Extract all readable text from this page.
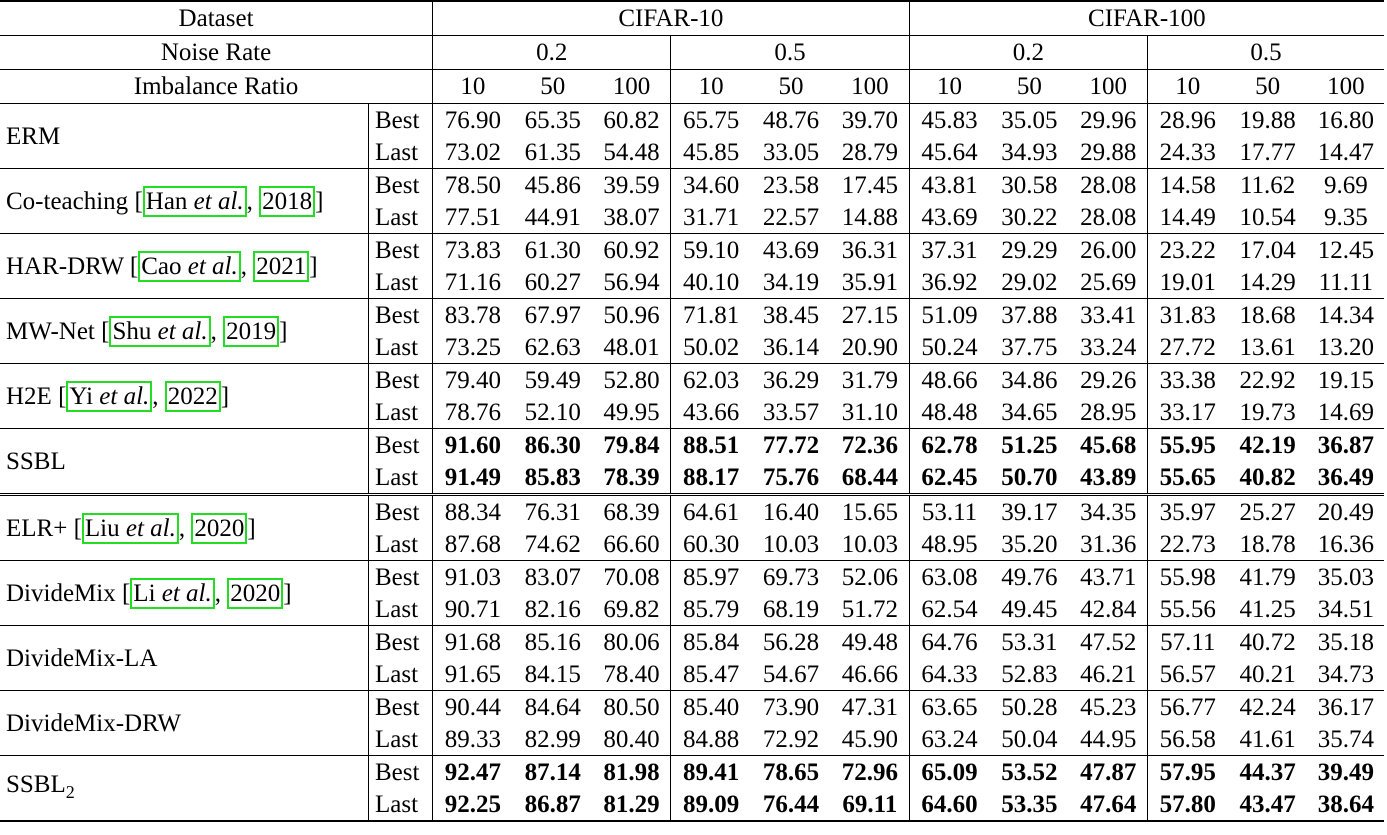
Dataset		CIFAR-10						CIFAR-100					
Noise Rate		0.2			0.5			0.2			0.5		
Imbalance Ratio		10	50	100	10	50	100	10	50	100	10	50	100
ERM	Best	76.90	65.35	60.82	65.75	48.76	39.70	45.83	35.05	29.96	28.96	19.88	16.80
	Last	73.02	61.35	54.48	45.85	33.05	28.79	45.64	34.93	29.88	24.33	17.77	14.47
Co-teaching [ Han et al. , 2018 ]	Best	78.50	45.86	39.59	34.60	23.58	17.45	43.81	30.58	28.08	14.58	11.62	9.69
	Last	77.51	44.91	38.07	31.71	22.57	14.88	43.69	30.22	28.08	14.49	10.54	9.35
HAR-DRW [ Cao et al. , 2021 ]	Best	73.83	61.30	60.92	59.10	43.69	36.31	37.31	29.29	26.00	23.22	17.04	12.45
	Last	71.16	60.27	56.94	40.10	34.19	35.91	36.92	29.02	25.69	19.01	14.29	11.11
MW-Net [ Shu et al. , 2019 ]	Best	83.78	67.97	50.96	71.81	38.45	27.15	51.09	37.88	33.41	31.83	18.68	14.34
	Last	73.25	62.63	48.01	50.02	36.14	20.90	50.24	37.75	33.24	27.72	13.61	13.20
H2E [ Yi et al. , 2022 ]	Best	79.40	59.49	52.80	62.03	36.29	31.79	48.66	34.86	29.26	33.38	22.92	19.15
	Last	78.76	52.10	49.95	43.66	33.57	31.10	48.48	34.65	28.95	33.17	19.73	14.69
SSBL	Best	91.60	86.30	79.84	88.51	77.72	72.36	62.78	51.25	45.68	55.95	42.19	36.87
	Last	91.49	85.83	78.39	88.17	75.76	68.44	62.45	50.70	43.89	55.65	40.82	36.49
ELR+ [ Liu et al. , 2020 ]	Best	88.34	76.31	68.39	64.61	16.40	15.65	53.11	39.17	34.35	35.97	25.27	20.49
	Last	87.68	74.62	66.60	60.30	10.03	10.03	48.95	35.20	31.36	22.73	18.78	16.36
DivideMix [ Li et al. , 2020 ]	Best	91.03	83.07	70.08	85.97	69.73	52.06	63.08	49.76	43.71	55.98	41.79	35.03
	Last	90.71	82.16	69.82	85.79	68.19	51.72	62.54	49.45	42.84	55.56	41.25	34.51
DivideMix-LA	Best	91.68	85.16	80.06	85.84	56.28	49.48	64.76	53.31	47.52	57.11	40.72	35.18
	Last	91.65	84.15	78.40	85.47	54.67	46.66	64.33	52.83	46.21	56.57	40.21	34.73
DivideMix-DRW	Best	90.44	84.64	80.50	85.40	73.90	47.31	63.65	50.28	45.23	56.77	42.24	36.17
	Last	89.33	82.99	80.40	84.88	72.92	45.90	63.24	50.04	44.95	56.58	41.61	35.74
$SSBL_2$	Best	92.47	87.14	81.98	89.41	78.65	72.96	65.09	53.52	47.87	57.95	44.37	39.49
	Last	92.25	86.87	81.29	89.09	76.44	69.11	64.60	53.35	47.64	57.80	43.47	38.64
